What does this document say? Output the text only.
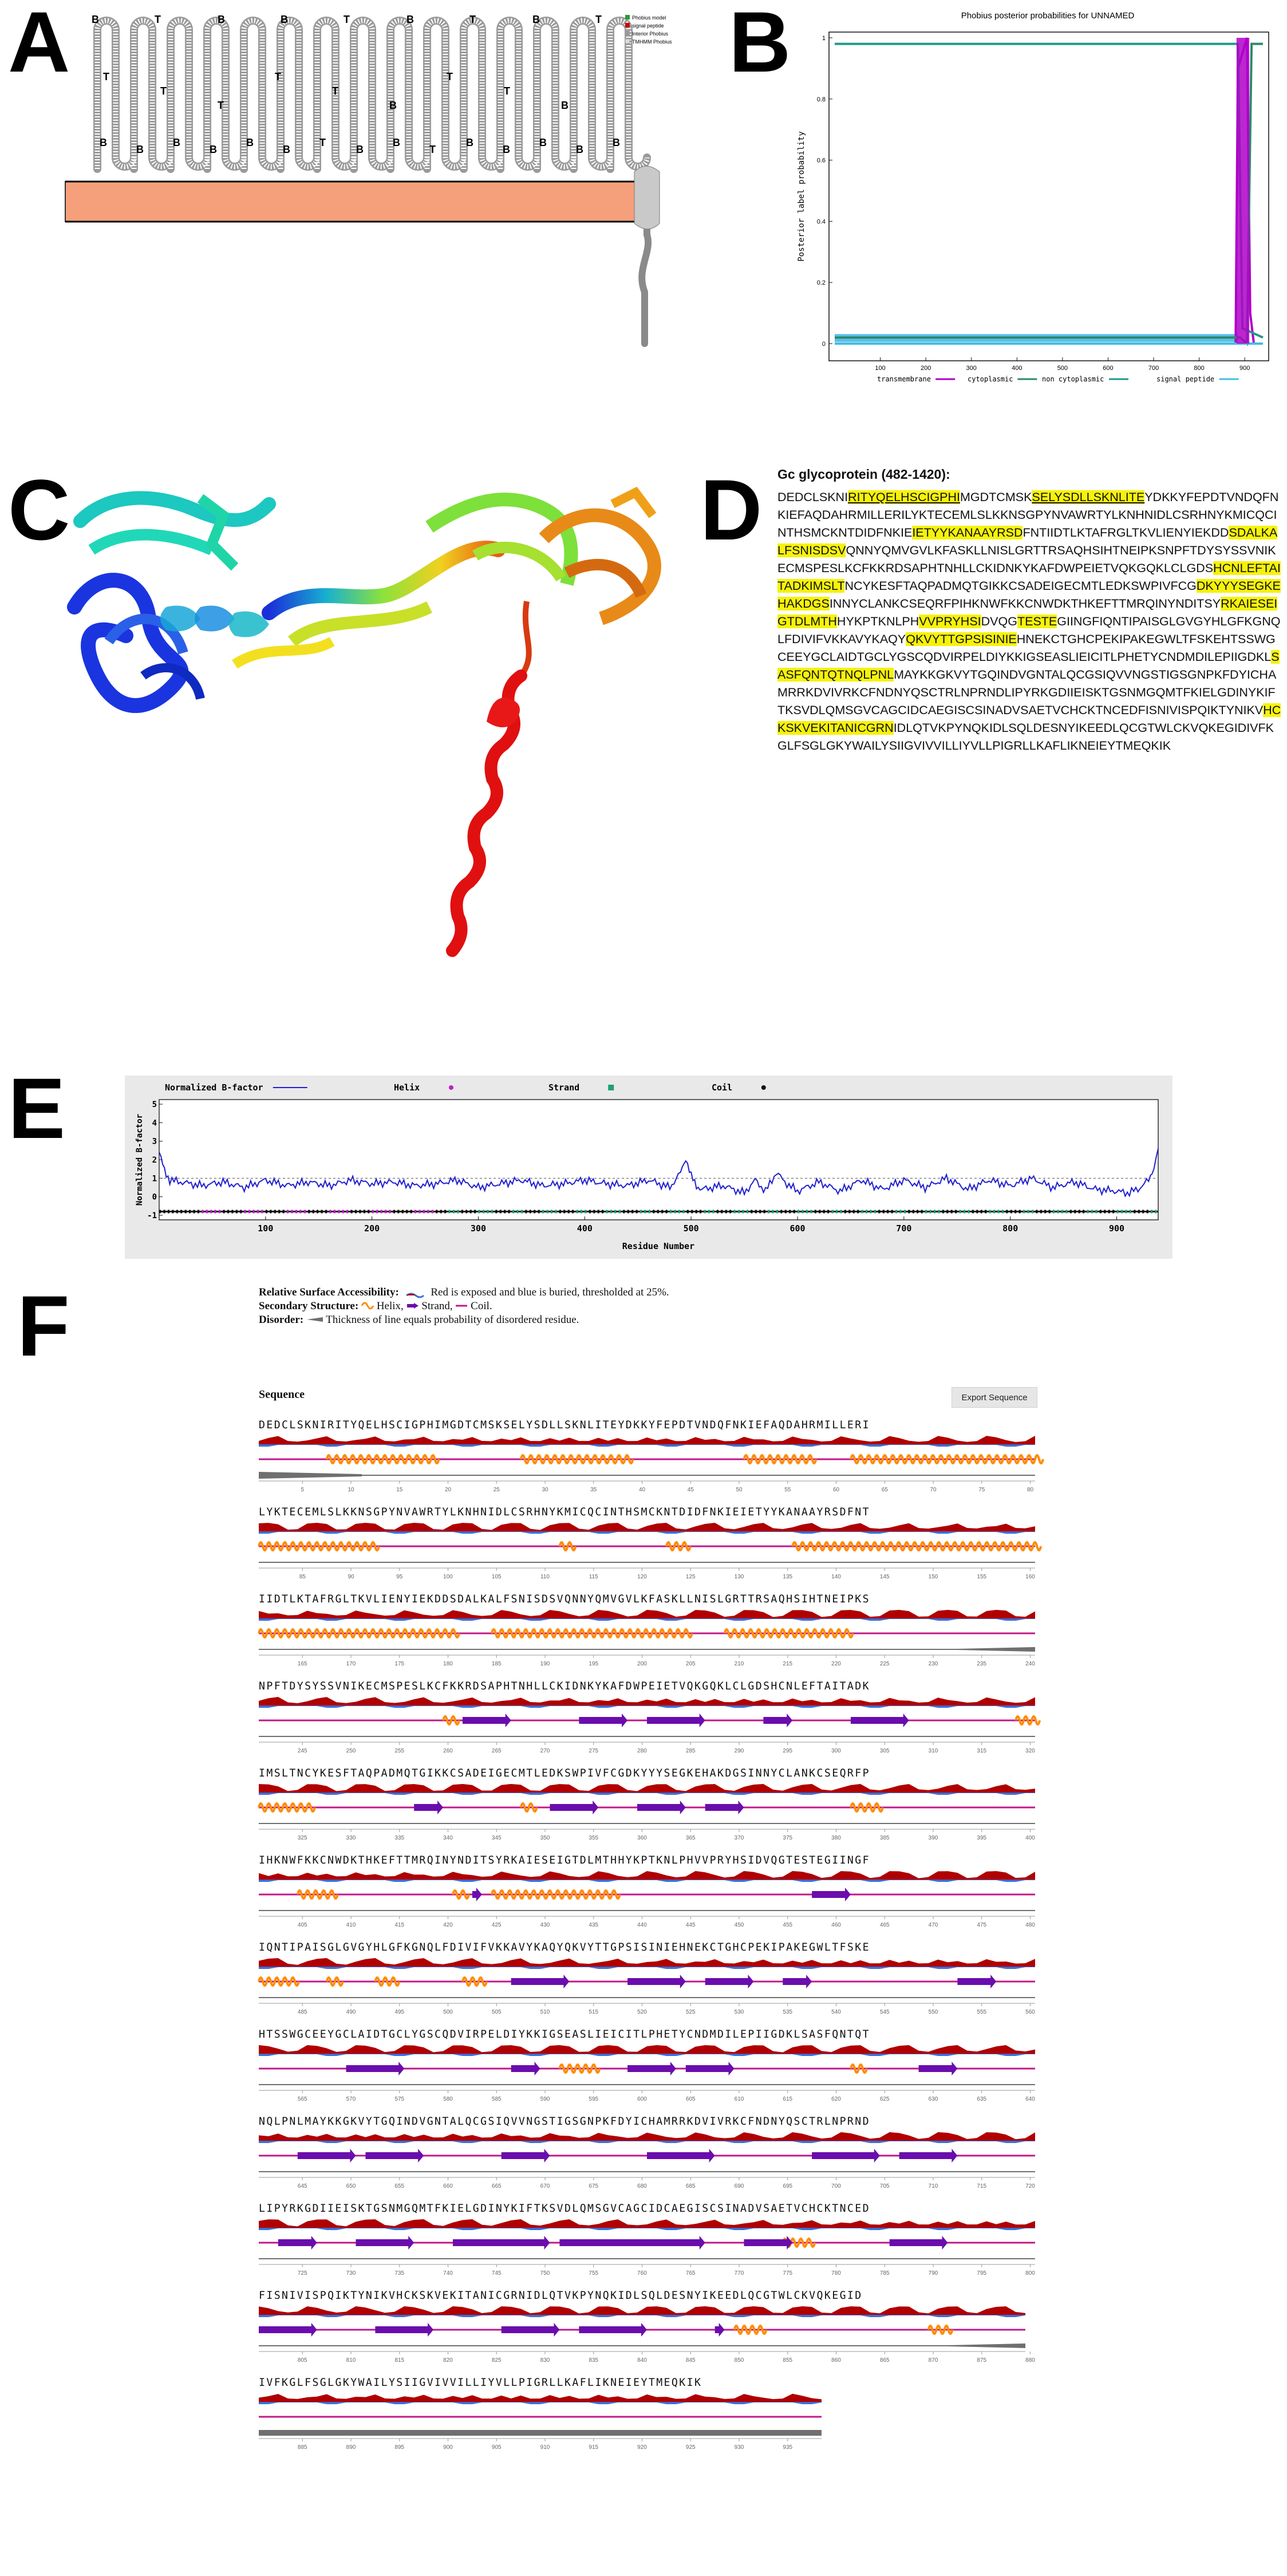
A	B
C	D
E
F
B	T	B	B	T	B	T	B	T
T
T
T
T
T
B
T
T
B
B
B
B
B
B
B
T
B
B
T
B
B
B
B
B
Phobius model
signal peptide
Interior Phobius
TMHMM Phobius
Phobius posterior probabilities for UNNAMED
0
0.2
0.4
0.6
0.8
1
100	200	300	400	500	600	700	800	900
Posterior label probability
transmembrane	cytoplasmic	non cytoplasmic	signal peptide
Gc glycoprotein (482-1420):
DEDCLSKNIRITYQELHSCIGPHIMGDTCMSKSELYSDLLSKNLITEYDKKYFEPDTVNDQFNKIEFAQDAHRMILLERILYKTECEMLSLKKNSGPYNVAWRTYLKNHNIDLCSRHNYKMICQCINTHSMCKNTDIDFNKIEIETYYKANAAYRSDFNTIIDTLKTAFRGLTKVLIENYIEKDDSDALKALFSNISDSVQNNYQMVGVLKFASKLLNISLGRTTRSAQHSIHTNEIPKSNPFTDYSYSSVNIKECMSPESLKCFKKRDSAPHTNHLLCKIDNKYKAFDWPEIETVQKGQKLCLGDSHCNLEFTAITADKIMSLTNCYKESFTAQPADMQTGIKKCSADEIGECMTLEDKSWPIVFCGDKYYYSEGKEHAKDGSINNYCLANKCSEQRFPIHKNWFKKCNWDKTHKEFTTMRQINYNDITSYRKAIESEIGTDLMTHHYKPTKNLPHVVPRYHSIDVQGTESTEGIINGFIQNTIPAISGLGVGYHLGFKGNQLFDIVIFVKKAVYKAQYQKVYTTGPSISINIEHNEKCTGHCPEKIPAKEGWLTFSKEHTSSWGCEEYGCLAIDTGCLYGSCQDVIRPELDIYKKIGSEASLIEICITLPHETYCNDMDILEPIIGDKLSASFQNTQTNQLPNLMAYKKGKVYTGQINDVGNTALQCGSIQVVNGSTIGSGNPKFDYICHAMRRKDVIVRKCFNDNYQSCTRLNPRNDLIPYRKGDIIEISKTGSNMGQMTFKIELGDINYKIFTKSVDLQMSGVCAGCIDCAEGISCSINADVSAETVCHCKTNCEDFISNIVISPQIKTYNIKVHCKSKVEKITANICGRNIDLQTVKPYNQKIDLSQLDESNYIKEEDLQCGTWLCKVQKEGIDIVFKGLFSGLGKYWAILYSIIGVIVVILLIYVLLPIGRLLKAFLIKNEIEYTMEQKIK
Normalized B-factor	Helix	Strand	Coil
5
4
3
2
1
0
-1
100	200	300	400	500	600	700	800	900
Residue Number
Normalized B-factor
Relative Surface Accessibility:	Red is exposed and blue is buried, thresholded at 25%.
Secondary Structure: Helix, Strand, Coil.
Disorder: Thickness of line equals probability of disordered residue.
Sequence	Export Sequence
DEDCLSKNIRITYQELHSCIGPHIMGDTCMSKSELYSDLLSKNLITEYDKKYFEPDTVNDQFNKIEFAQDAHRMILLERI
5	10	15	20	25	30	35	40	45	50	55	60	65	70	75	80
LYKTECEMLSLKKNSGPYNVAWRTYLKNHNIDLCSRHNYKMICQCINTHSMCKNTDIDFNKIEIETYYKANAAYRSDFNT
85	90	95	100	105	110	115	120	125	130	135	140	145	150	155	160
IIDTLKTAFRGLTKVLIENYIEKDDSDALKALFSNISDSVQNNYQMVGVLKFASKLLNISLGRTTRSAQHSIHTNEIPKS
165	170	175	180	185	190	195	200	205	210	215	220	225	230	235	240
NPFTDYSYSSVNIKECMSPESLKCFKKRDSAPHTNHLLCKIDNKYKAFDWPEIETVQKGQKLCLGDSHCNLEFTAITADK
245	250	255	260	265	270	275	280	285	290	295	300	305	310	315	320
IMSLTNCYKESFTAQPADMQTGIKKCSADEIGECMTLEDKSWPIVFCGDKYYYSEGKEHAKDGSINNYCLANKCSEQRFP
325	330	335	340	345	350	355	360	365	370	375	380	385	390	395	400
IHKNWFKKCNWDKTHKEFTTMRQINYNDITSYRKAIESEIGTDLMTHHYKPTKNLPHVVPRYHSIDVQGTESTEGIINGF
405	410	415	420	425	430	435	440	445	450	455	460	465	470	475	480
IQNTIPAISGLGVGYHLGFKGNQLFDIVIFVKKAVYKAQYQKVYTTGPSISINIEHNEKCTGHCPEKIPAKEGWLTFSKE
485	490	495	500	505	510	515	520	525	530	535	540	545	550	555	560
HTSSWGCEEYGCLAIDTGCLYGSCQDVIRPELDIYKKIGSEASLIEICITLPHETYCNDMDILEPIIGDKLSASFQNTQT
565	570	575	580	585	590	595	600	605	610	615	620	625	630	635	640
NQLPNLMAYKKGKVYTGQINDVGNTALQCGSIQVVNGSTIGSGNPKFDYICHAMRRKDVIVRKCFNDNYQSCTRLNPRND
645	650	655	660	665	670	675	680	685	690	695	700	705	710	715	720
LIPYRKGDIIEISKTGSNMGQMTFKIELGDINYKIFTKSVDLQMSGVCAGCIDCAEGISCSINADVSAETVCHCKTNCED
725	730	735	740	745	750	755	760	765	770	775	780	785	790	795	800
FISNIVISPQIKTYNIKVHCKSKVEKITANICGRNIDLQTVKPYNQKIDLSQLDESNYIKEEDLQCGTWLCKVQKEGID
805	810	815	820	825	830	835	840	845	850	855	860	865	870	875	880
IVFKGLFSGLGKYWAILYSIIGVIVVILLIYVLLPIGRLLKAFLIKNEIEYTMEQKIK
885	890	895	900	905	910	915	920	925	930	935
